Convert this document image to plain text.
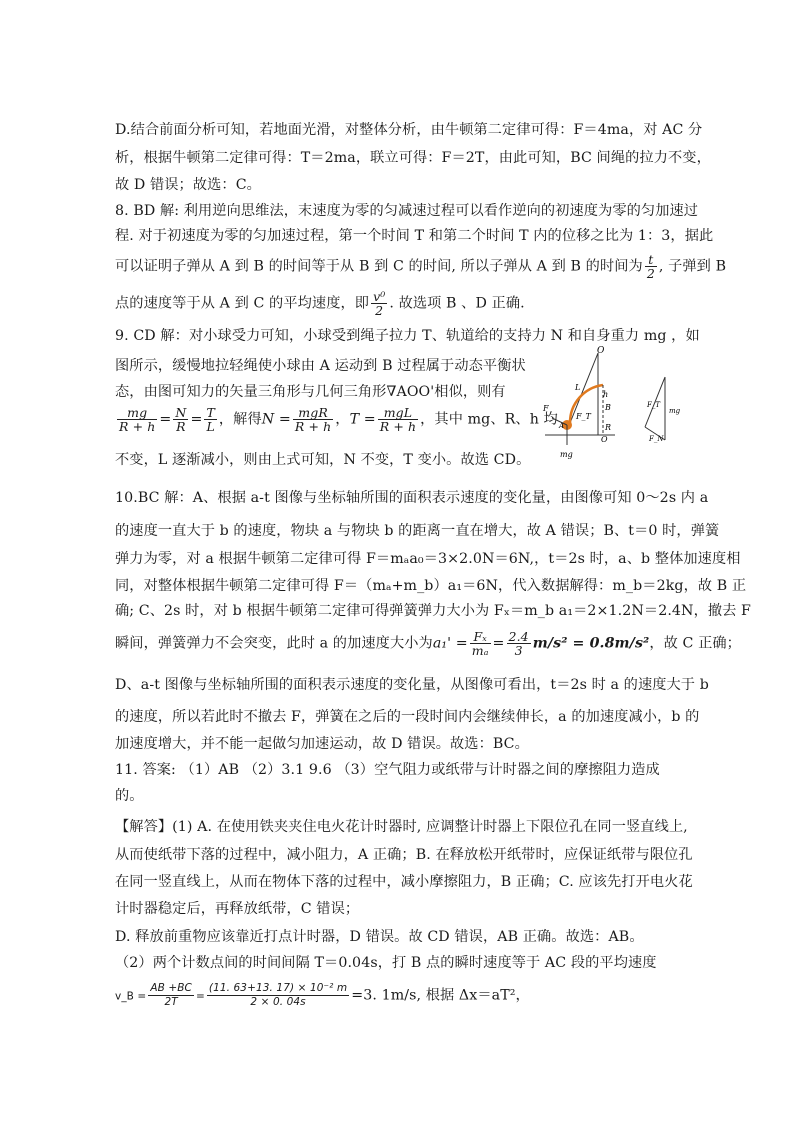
D.结合前面分析可知，若地面光滑，对整体分析，由牛顿第二定律可得：F＝4ma，对 AC 分
析，根据牛顿第二定律可得：T＝2ma，联立可得：F＝2T，由此可知，BC 间绳的拉力不变，
故 D 错误；故选：C。
8. BD 解: 利用逆向思维法，末速度为零的匀减速过程可以看作逆向的初速度为零的匀加速过
程. 对于初速度为零的匀加速过程，第一个时间 T 和第二个时间 T 内的位移之比为 1：3，据此
可以证明子弹从 A 到 B 的时间等于从 B 到 C 的时间, 所以子弹从 A 到 B 的时间为 $\frac{t}{2}$ , 子弹到 B
点的速度等于从 A 到 C 的平均速度，即 $\frac{\text{v⁰}}{2}$ . 故选项 B 、D 正确.
9. CD 解：对小球受力可知，小球受到绳子拉力 T、轨道给的支持力 N 和自身重力 mg ，如
图所示，缓慢地拉轻绳使小球由 A 运动到 B 过程属于动态平衡状
态，由图可知力的矢量三角形与几何三角形∇AOO'相似，则有
$\frac{mg}{R + h} = \frac{N}{R} = \frac{T}{L}$ ，解得$N = \frac{\text{mgR}}{R + h}$ ，$T = \frac{\text{mgL}}{R + h}$ ，其中 mg、R、h 均
不变，L 逐渐减小，则由上式可知，N 不变，T 变小。故选 CD。
O
L
h
F
F_T
B
A	R
O
mg
F_T
mg
F_N
10.BC 解：A、根据 a-t 图像与坐标轴所围的面积表示速度的变化量，由图像可知 0～2s 内 a
的速度一直大于 b 的速度，物块 a 与物块 b 的距离一直在增大，故 A 错误；B、t＝0 时，弹簧
弹力为零，对 a 根据牛顿第二定律可得 F＝mₐa₀＝3×2.0N＝6N,，t＝2s 时，a、b 整体加速度相
同，对整体根据牛顿第二定律可得 F＝（mₐ+m_b）a₁＝6N，代入数据解得：m_b＝2kg，故 B 正
确; C、2s 时，对 b 根据牛顿第二定律可得弹簧弹力大小为 Fₓ＝m_b a₁＝2×1.2N＝2.4N，撤去 F
瞬间，弹簧弹力不会突变，此时 a 的加速度大小为$a_1' = \frac{\text{Fₓ}}{\text{mₐ}} = \frac{2.4}{3} m/s^2 = 0.8m/s^2$，故 C 正确；
D、a-t 图像与坐标轴所围的面积表示速度的变化量，从图像可看出，t＝2s 时 a 的速度大于 b
的速度，所以若此时不撤去 F，弹簧在之后的一段时间内会继续伸长，a 的加速度减小，b 的
加速度增大，并不能一起做匀加速运动，故 D 错误。故选：BC。
11. 答案: （1）AB （2）3.1 9.6 （3）空气阻力或纸带与计时器之间的摩擦阻力造成
的。
【解答】(1) A. 在使用铁夹夹住电火花计时器时, 应调整计时器上下限位孔在同一竖直线上,
从而使纸带下落的过程中，减小阻力，A 正确；B. 在释放松开纸带时，应保证纸带与限位孔
在同一竖直线上，从而在物体下落的过程中，减小摩擦阻力，B 正确；C. 应该先打开电火花
计时器稳定后，再释放纸带，C 错误；
D. 释放前重物应该靠近打点计时器，D 错误。故 CD 错误，AB 正确。故选：AB。
（2）两个计数点间的时间间隔 T＝0.04s，打 B 点的瞬时速度等于 AC 段的平均速度
v_B = $\frac{AB +BC}{2T} = \frac{\text{(11. 63+13. 17) × 10⁻² m}}{2 \times 0. 04s} =3$. 1m/s, 根据 Δx＝aT²，
